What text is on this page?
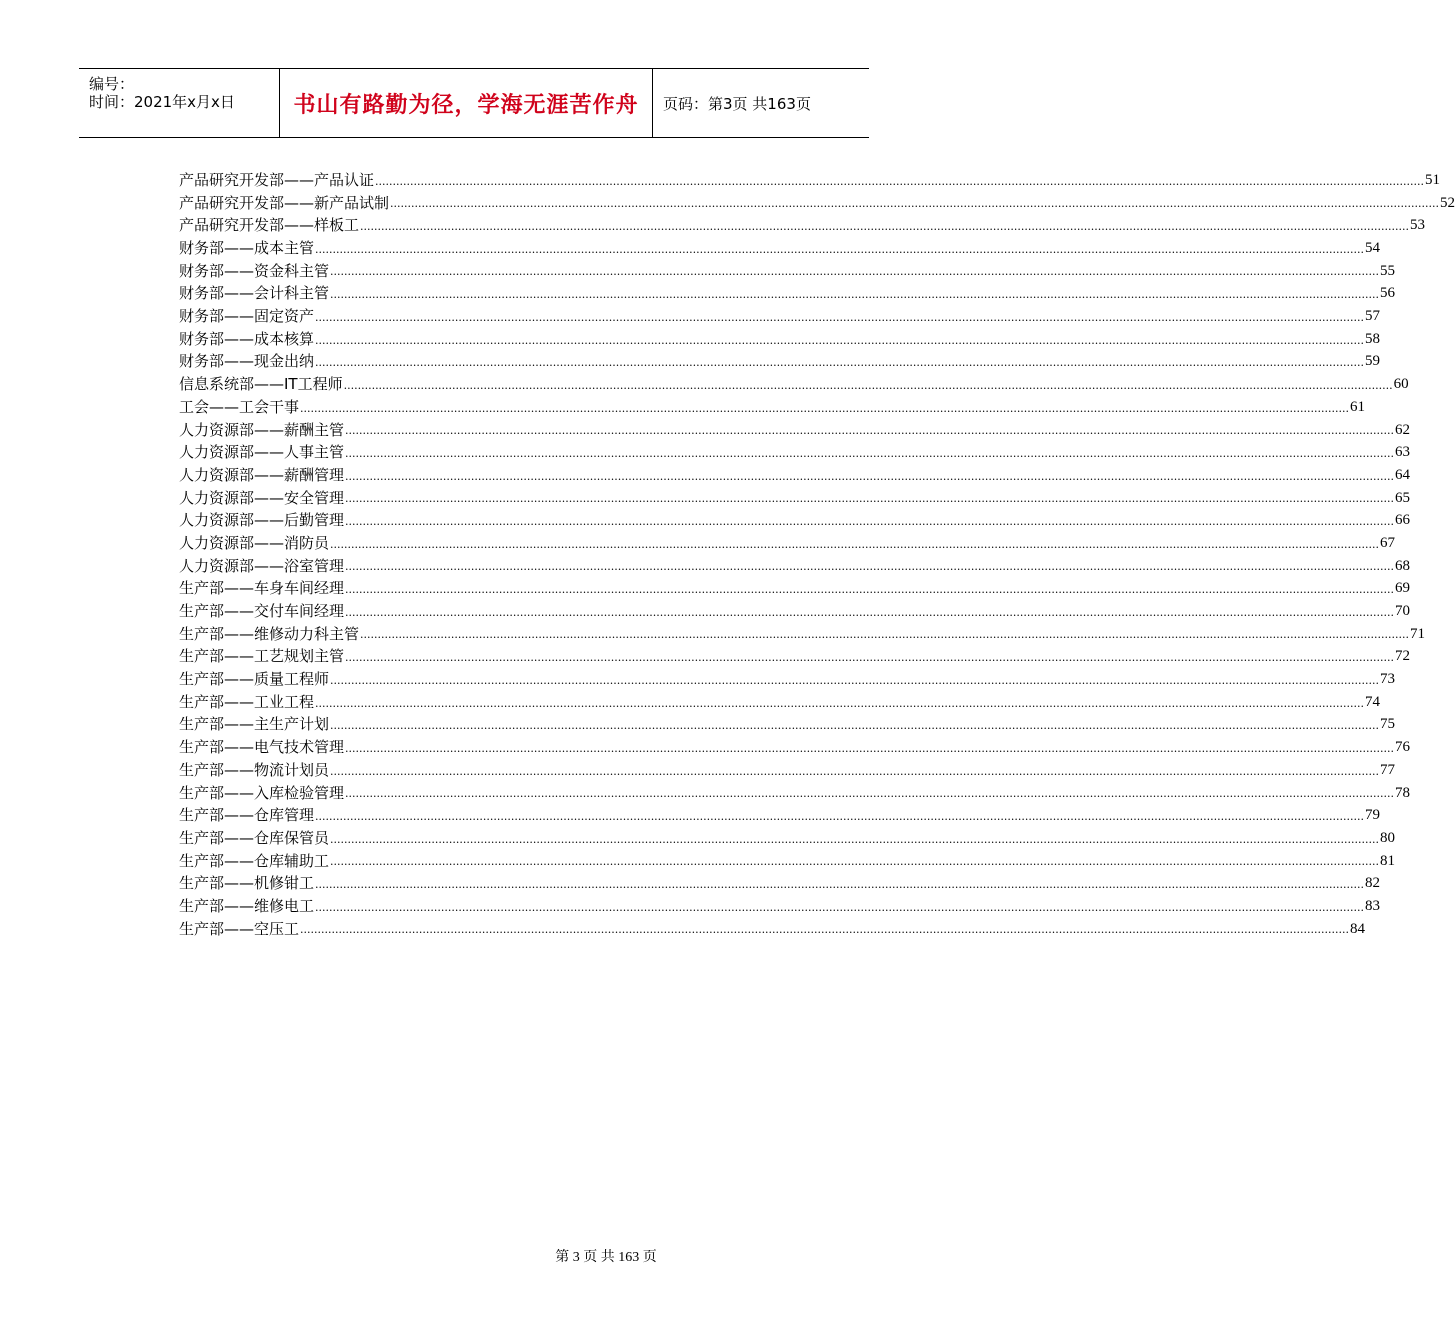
编号：
时间：2021年x月x日	书山有路勤为径，学海无涯苦作舟 页码：第3页 共163页
产品研究开发部——产品认证 ............................................................................................................................................................................................................................................................................................................ 51
产品研究开发部——新产品试制 ............................................................................................................................................................................................................................................................................................................ 52
产品研究开发部——样板工 ............................................................................................................................................................................................................................................................................................................ 53
财务部——成本主管 ............................................................................................................................................................................................................................................................................................................ 54
财务部——资金科主管 ............................................................................................................................................................................................................................................................................................................ 55
财务部——会计科主管 ............................................................................................................................................................................................................................................................................................................ 56
财务部——固定资产 ............................................................................................................................................................................................................................................................................................................ 57
财务部——成本核算 ............................................................................................................................................................................................................................................................................................................ 58
财务部——现金出纳 ............................................................................................................................................................................................................................................................................................................ 59
信息系统部——IT工程师 ............................................................................................................................................................................................................................................................................................................ 60
工会——工会干事 ............................................................................................................................................................................................................................................................................................................ 61
人力资源部——薪酬主管 ............................................................................................................................................................................................................................................................................................................ 62
人力资源部——人事主管 ............................................................................................................................................................................................................................................................................................................ 63
人力资源部——薪酬管理 ............................................................................................................................................................................................................................................................................................................ 64
人力资源部——安全管理 ............................................................................................................................................................................................................................................................................................................ 65
人力资源部——后勤管理 ............................................................................................................................................................................................................................................................................................................ 66
人力资源部——消防员 ............................................................................................................................................................................................................................................................................................................ 67
人力资源部——浴室管理 ............................................................................................................................................................................................................................................................................................................ 68
生产部——车身车间经理 ............................................................................................................................................................................................................................................................................................................ 69
生产部——交付车间经理 ............................................................................................................................................................................................................................................................................................................ 70
生产部——维修动力科主管 ............................................................................................................................................................................................................................................................................................................ 71
生产部——工艺规划主管 ............................................................................................................................................................................................................................................................................................................ 72
生产部——质量工程师 ............................................................................................................................................................................................................................................................................................................ 73
生产部——工业工程 ............................................................................................................................................................................................................................................................................................................ 74
生产部——主生产计划 ............................................................................................................................................................................................................................................................................................................ 75
生产部——电气技术管理 ............................................................................................................................................................................................................................................................................................................ 76
生产部——物流计划员 ............................................................................................................................................................................................................................................................................................................ 77
生产部——入库检验管理 ............................................................................................................................................................................................................................................................................................................ 78
生产部——仓库管理 ............................................................................................................................................................................................................................................................................................................ 79
生产部——仓库保管员 ............................................................................................................................................................................................................................................................................................................ 80
生产部——仓库辅助工 ............................................................................................................................................................................................................................................................................................................ 81
生产部——机修钳工 ............................................................................................................................................................................................................................................................................................................ 82
生产部——维修电工 ............................................................................................................................................................................................................................................................................................................ 83
生产部——空压工 ............................................................................................................................................................................................................................................................................................................ 84
第 3 页 共 163 页
